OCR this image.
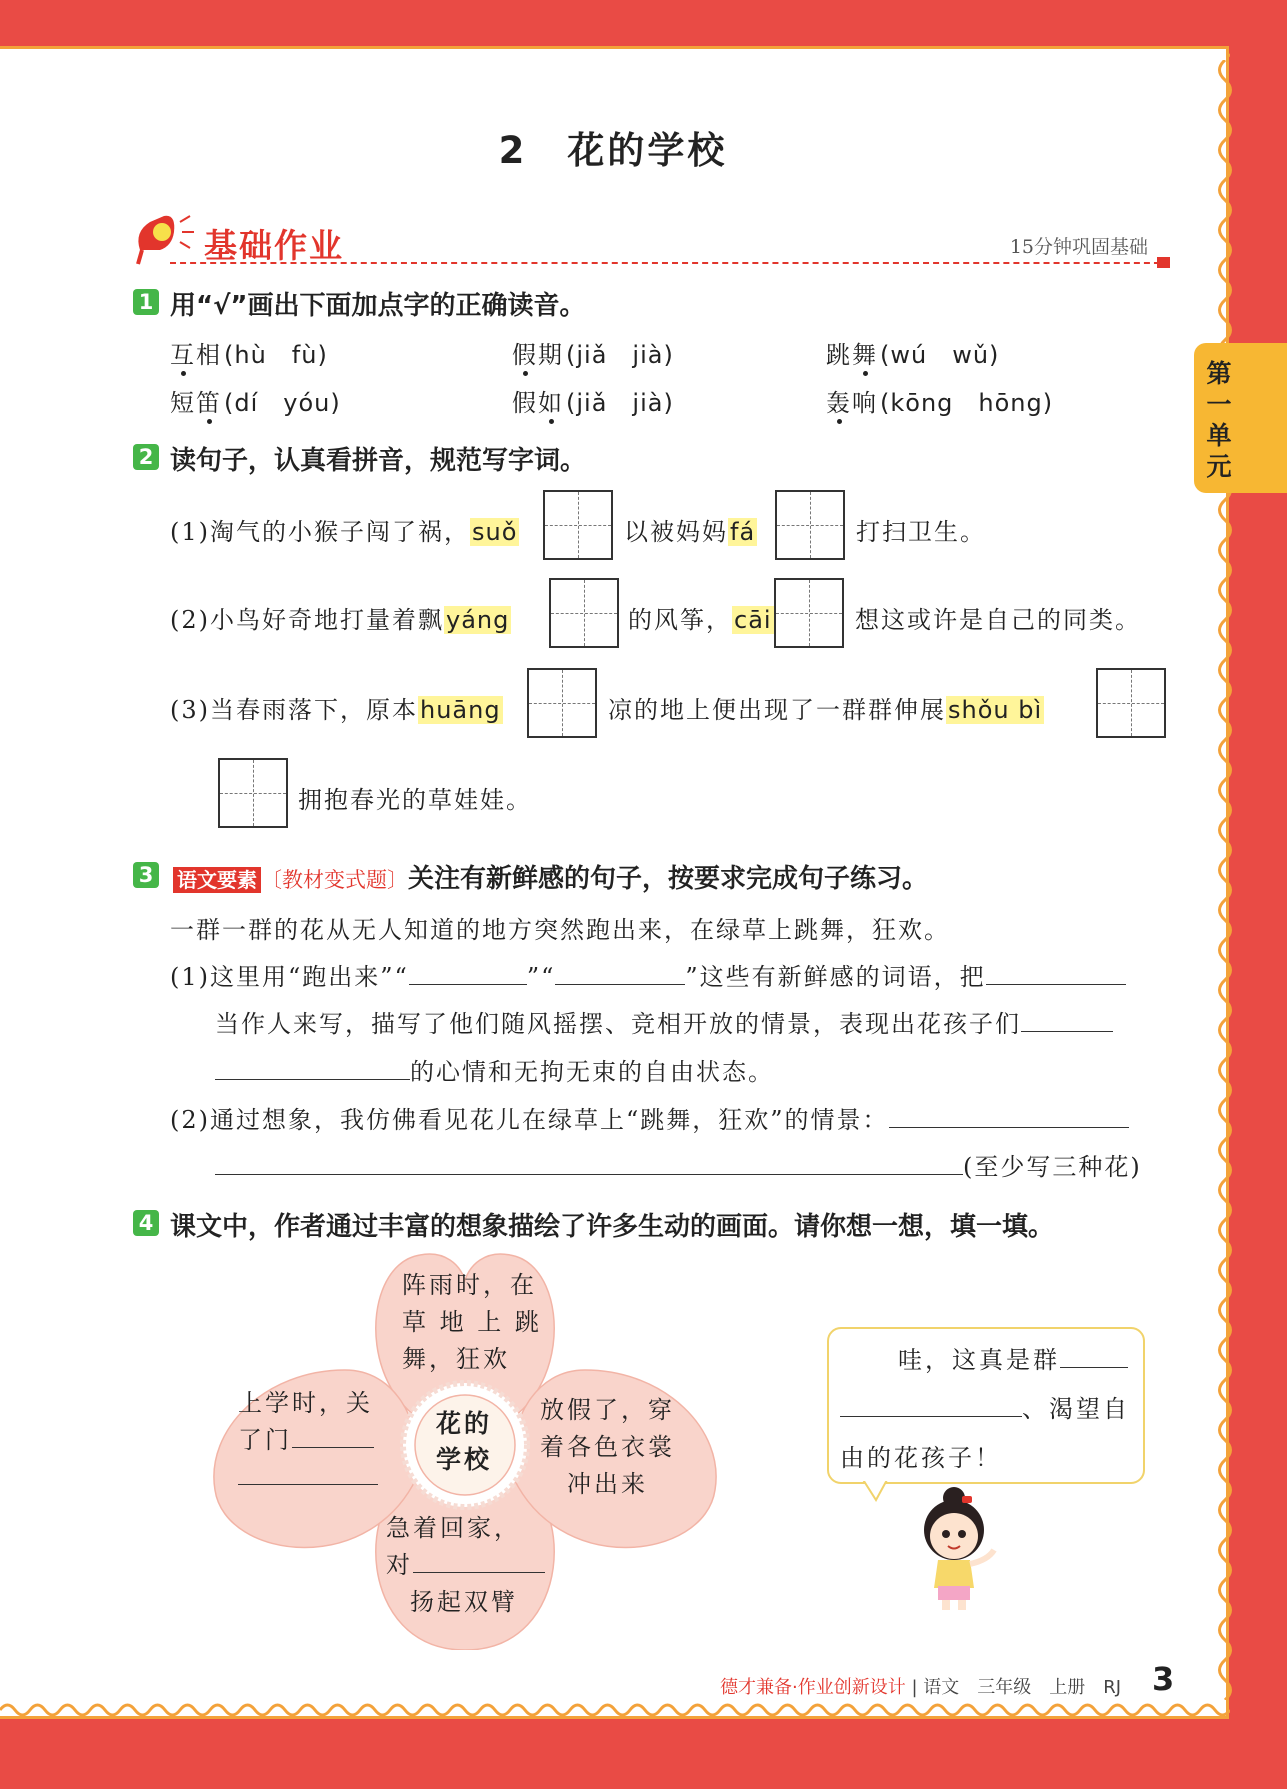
第一单元
2　花的学校
基础作业	15分钟巩固基础
1 用“√”画出下面加点字的正确读音。
互相(hù　fù)	假期(jiǎ　jià)	跳舞(wú　wǔ)
短笛(dí　yóu)	假如(jiǎ　jià)	轰响(kōng　hōng)
2 读句子，认真看拼音，规范写字词。
(1)淘气的小猴子闯了祸，suǒ	以被妈妈fá	打扫卫生。
(2)小鸟好奇地打量着飘yáng	的风筝，cāi	想这或许是自己的同类。
(3)当春雨落下，原本huāng	凉的地上便出现了一群群伸展shǒu bì
拥抱春光的草娃娃。
3 语文要素 〔教材变式题〕关注有新鲜感的句子，按要求完成句子练习。
一群一群的花从无人知道的地方突然跑出来，在绿草上跳舞，狂欢。
(1)这里用“跑出来”“	”“	”这些有新鲜感的词语，把
当作人来写，描写了他们随风摇摆、竞相开放的情景，表现出花孩子们
的心情和无拘无束的自由状态。
(2)通过想象，我仿佛看见花儿在绿草上“跳舞，狂欢”的情景：
(至少写三种花)
4 课文中，作者通过丰富的想象描绘了许多生动的画面。请你想一想，填一填。
花的
学校
阵雨时，在
草 地 上 跳
舞，狂欢
上学时，关
了门
放假了，穿
着各色衣裳
冲出来
急着回家，
对
扬起双臂
哇，这真是群
、渴望自
由的花孩子！
德才兼备·作业创新设计 | 语文　三年级　上册　RJ 3
